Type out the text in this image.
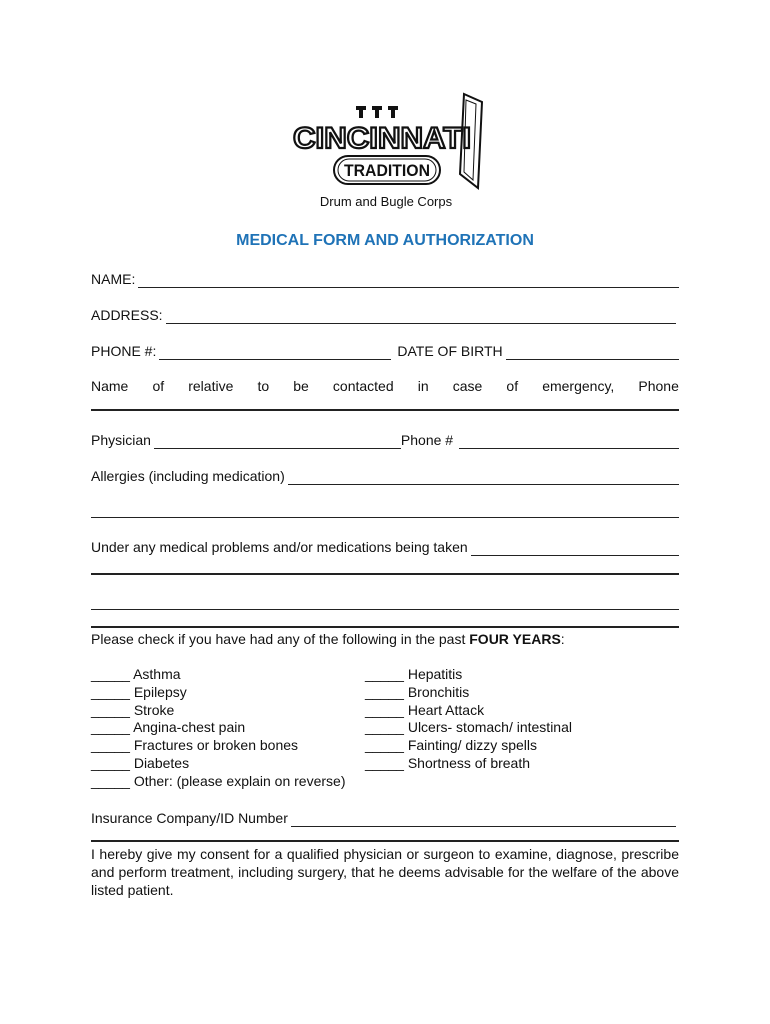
CINCINNATI
TRADITION
Drum and Bugle Corps
MEDICAL FORM AND AUTHORIZATION
NAME:
ADDRESS:
PHONE #:	DATE OF BIRTH
Name of relative to be contacted in case of emergency, Phone
Physician	Phone #
Allergies (including medication)
Under any medical problems and/or medications being taken
Please check if you have had any of the following in the past FOUR YEARS:
_____ Asthma
_____ Epilepsy
_____ Stroke
_____ Angina-chest pain
_____ Fractures or broken bones
_____ Diabetes
_____ Other: (please explain on reverse)
_____ Hepatitis
_____ Bronchitis
_____ Heart Attack
_____ Ulcers- stomach/ intestinal
_____ Fainting/ dizzy spells
_____ Shortness of breath
Insurance Company/ID Number
I hereby give my consent for a qualified physician or surgeon to examine, diagnose, prescribe and perform treatment, including surgery, that he deems advisable for the welfare of the above listed patient.
